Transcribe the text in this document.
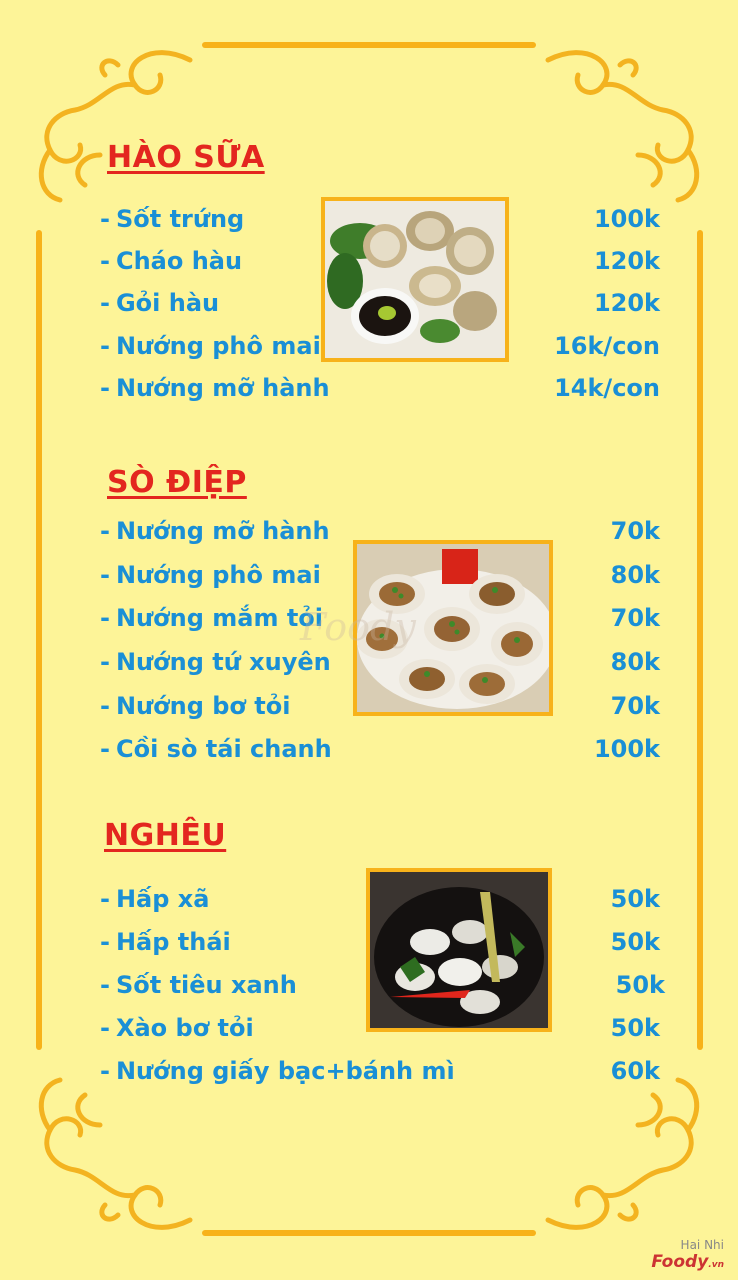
HÀO SỮA
- Sốt trứng	100k
- Cháo hàu	120k
- Gỏi hàu	120k
- Nướng phô mai	16k/con
- Nướng mỡ hành	14k/con
SÒ ĐIỆP
- Nướng mỡ hành	70k
- Nướng phô mai	80k
- Nướng mắm tỏi	70k
- Nướng tứ xuyên	80k
- Nướng bơ tỏi	70k
- Cồi sò tái chanh	100k
Foody
NGHÊU
- Hấp xã	50k
- Hấp thái	50k
- Sốt tiêu xanh	50k
- Xào bơ tỏi	50k
- Nướng giấy bạc+bánh mì	60k
Hai Nhi
Foody.vn
